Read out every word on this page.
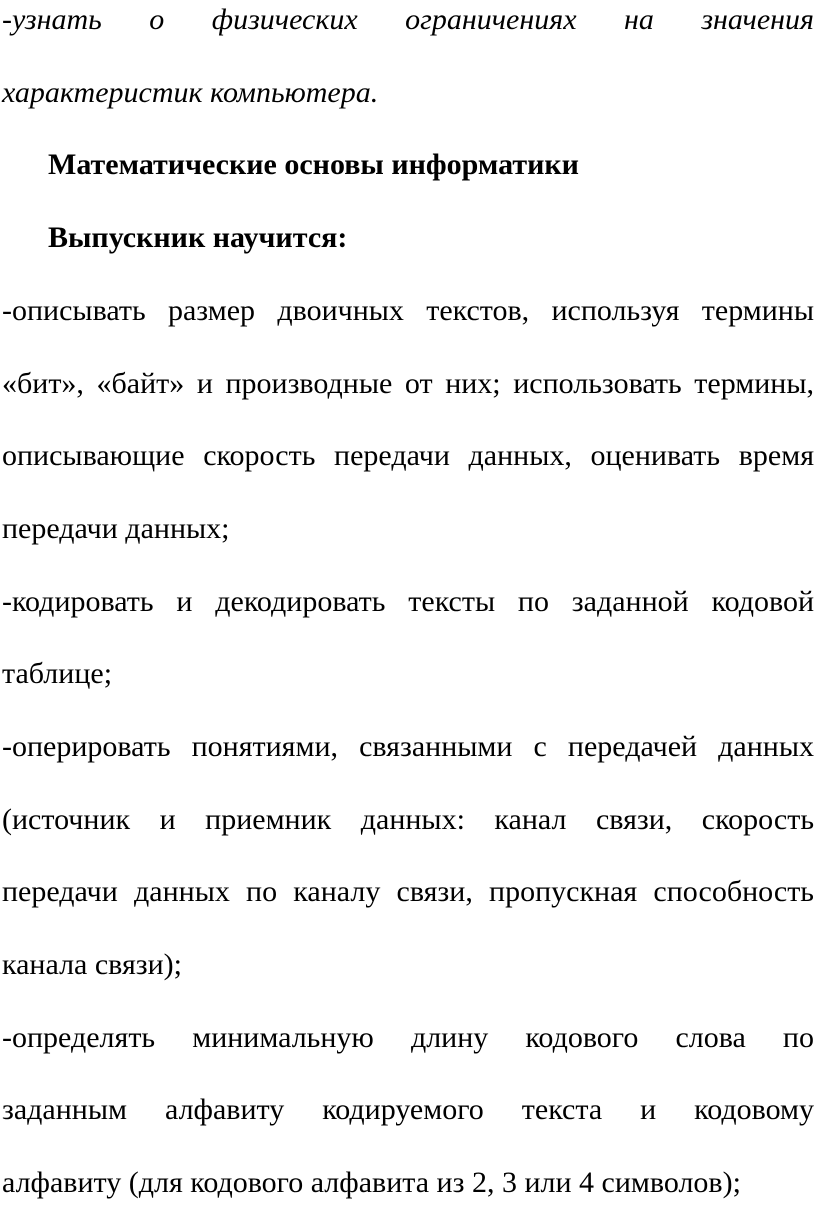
-узнать о физических ограничениях на значения

характеристик компьютера.

Математические основы информатики

Выпускник научится:

-описывать размер двоичных текстов, используя термины

«бит», «байт» и производные от них; использовать термины,

описывающие скорость передачи данных, оценивать время

передачи данных;

-кодировать и декодировать тексты по заданной кодовой

таблице;

-оперировать понятиями, связанными с передачей данных

(источник и приемник данных: канал связи, скорость

передачи данных по каналу связи, пропускная способность

канала связи);

-определять минимальную длину кодового слова по

заданным алфавиту кодируемого текста и кодовому

алфавиту (для кодового алфавита из 2, 3 или 4 символов);
